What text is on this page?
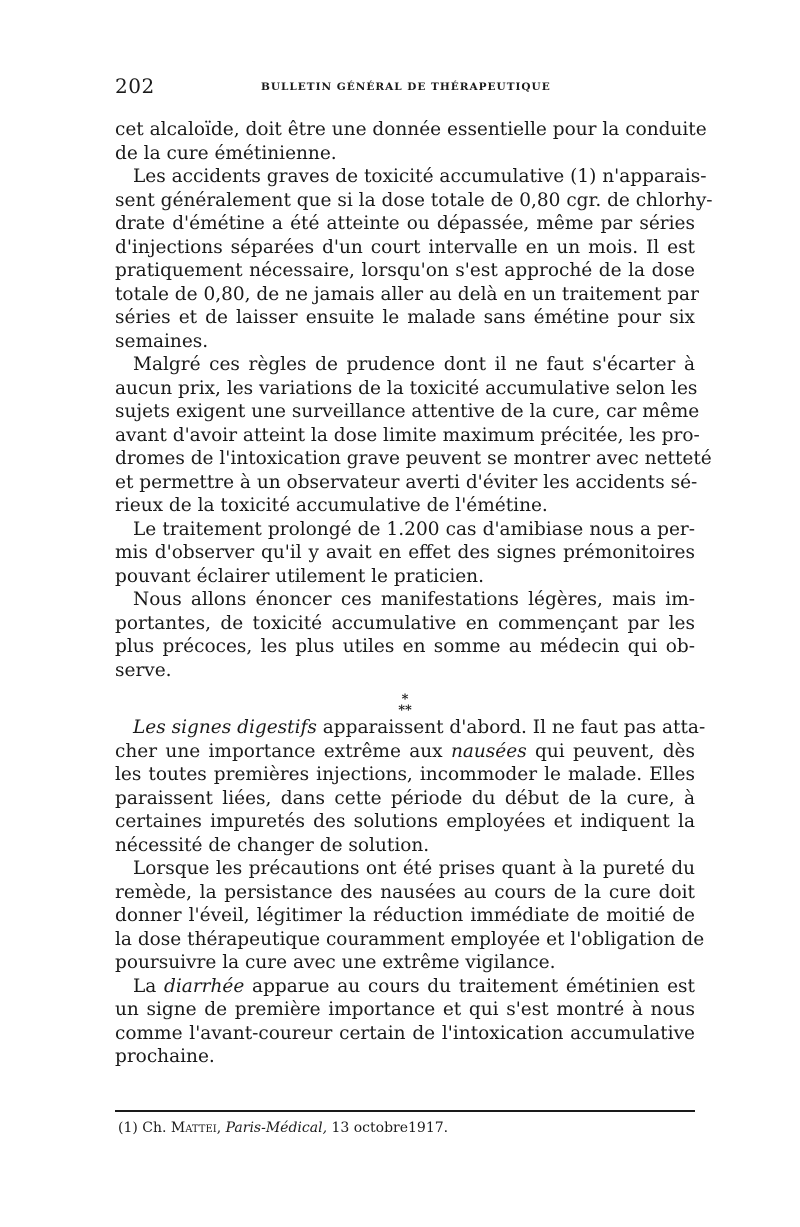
202	BULLETIN GÉNÉRAL DE THÉRAPEUTIQUE
cet alcaloïde, doit être une donnée essentielle pour la conduite
de la cure émétinienne.
Les accidents graves de toxicité accumulative (1) n'apparais-
sent généralement que si la dose totale de 0,80 cgr. de chlorhy-
drate d'émétine a été atteinte ou dépassée, même par séries
d'injections séparées d'un court intervalle en un mois. Il est
pratiquement nécessaire, lorsqu'on s'est approché de la dose
totale de 0,80, de ne jamais aller au delà en un traitement par
séries et de laisser ensuite le malade sans émétine pour six
semaines.
Malgré ces règles de prudence dont il ne faut s'écarter à
aucun prix, les variations de la toxicité accumulative selon les
sujets exigent une surveillance attentive de la cure, car même
avant d'avoir atteint la dose limite maximum précitée, les pro-
dromes de l'intoxication grave peuvent se montrer avec netteté
et permettre à un observateur averti d'éviter les accidents sé-
rieux de la toxicité accumulative de l'émétine.
Le traitement prolongé de 1.200 cas d'amibiase nous a per-
mis d'observer qu'il y avait en effet des signes prémonitoires
pouvant éclairer utilement le praticien.
Nous allons énoncer ces manifestations légères, mais im-
portantes, de toxicité accumulative en commençant par les
plus précoces, les plus utiles en somme au médecin qui ob-
serve.
*
**
Les signes digestifs apparaissent d'abord. Il ne faut pas atta-
cher une importance extrême aux nausées qui peuvent, dès
les toutes premières injections, incommoder le malade. Elles
paraissent liées, dans cette période du début de la cure, à
certaines impuretés des solutions employées et indiquent la
nécessité de changer de solution.
Lorsque les précautions ont été prises quant à la pureté du
remède, la persistance des nausées au cours de la cure doit
donner l'éveil, légitimer la réduction immédiate de moitié de
la dose thérapeutique couramment employée et l'obligation de
poursuivre la cure avec une extrême vigilance.
La diarrhée apparue au cours du traitement émétinien est
un signe de première importance et qui s'est montré à nous
comme l'avant-coureur certain de l'intoxication accumulative
prochaine.
(1) Ch. Mattei, Paris-Médical, 13 octobre1917.
